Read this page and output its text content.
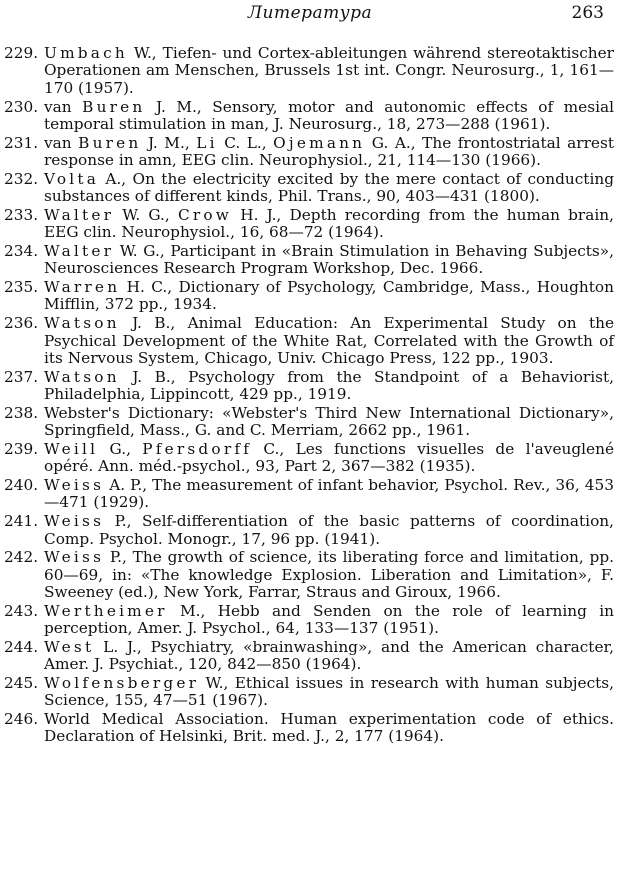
Литература	263
229. Umbach W., Tiefen- und Cortex-ableitungen während stereotaktischer Operationen am Menschen, Brussels 1st int. Congr. Neurosurg., 1, 161—170 (1957).
230. van Buren J. M., Sensory, motor and autonomic effects of mesial temporal stimulation in man, J. Neurosurg., 18, 273—288 (1961).
231. van Buren J. M., Li C. L., Ojemann G. A., The frontostriatal arrest response in amn, EEG clin. Neurophysiol., 21, 114—130 (1966).
232. Volta A., On the electricity excited by the mere contact of conducting substances of different kinds, Phil. Trans., 90, 403—431 (1800).
233. Walter W. G., Crow H. J., Depth recording from the human brain, EEG clin. Neurophysiol., 16, 68—72 (1964).
234. Walter W. G., Participant in «Brain Stimulation in Behaving Subjects», Neurosciences Research Program Workshop, Dec. 1966.
235. Warren H. C., Dictionary of Psychology, Cambridge, Mass., Houghton Mifflin, 372 pp., 1934.
236. Watson J. B., Animal Education: An Experimental Study on the Psychical Development of the White Rat, Correlated with the Growth of its Nervous System, Chicago, Univ. Chicago Press, 122 pp., 1903.
237. Watson J. B., Psychology from the Standpoint of a Behaviorist, Philadelphia, Lippincott, 429 pp., 1919.
238. Webster's Dictionary: «Webster's Third New International Dictionary», Springfield, Mass., G. and C. Merriam, 2662 pp., 1961.
239. Weill G., Pfersdorff C., Les functions visuelles de l'aveuglené opéré. Ann. méd.-psychol., 93, Part 2, 367—382 (1935).
240. Weiss A. P., The measurement of infant behavior, Psychol. Rev., 36, 453—471 (1929).
241. Weiss P., Self-differentiation of the basic patterns of coordination, Comp. Psychol. Monogr., 17, 96 pp. (1941).
242. Weiss P., The growth of science, its liberating force and limitation, pp. 60—69, in: «The knowledge Explosion. Liberation and Limitation», F. Sweeney (ed.), New York, Farrar, Straus and Giroux, 1966.
243. Wertheimer M., Hebb and Senden on the role of learning in perception, Amer. J. Psychol., 64, 133—137 (1951).
244. West L. J., Psychiatry, «brainwashing», and the American character, Amer. J. Psychiat., 120, 842—850 (1964).
245. Wolfensberger W., Ethical issues in research with human subjects, Science, 155, 47—51 (1967).
246. World Medical Association. Human experimentation code of ethics. Declaration of Helsinki, Brit. med. J., 2, 177 (1964).
